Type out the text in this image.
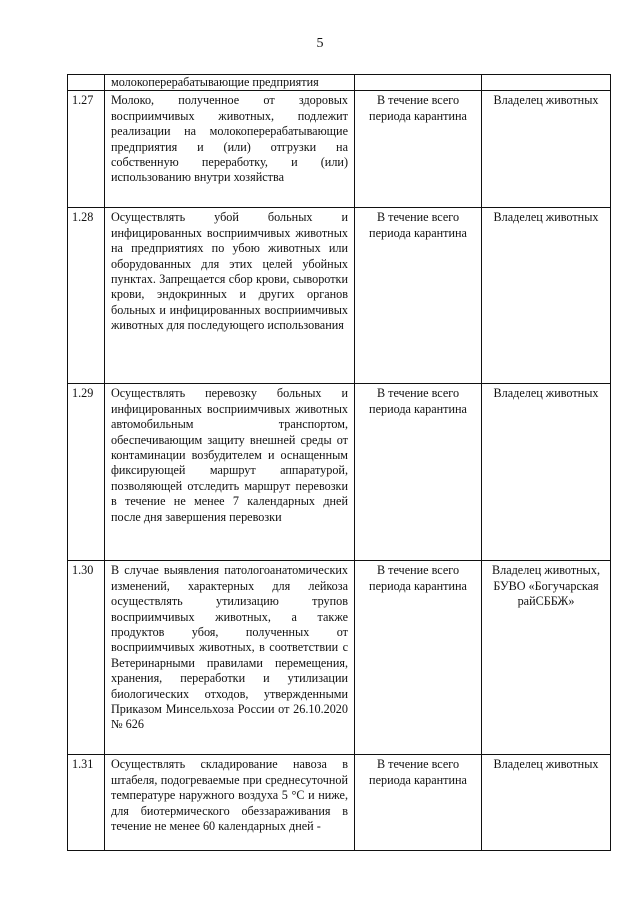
5
	молокоперерабатывающие предприятия		
1.27	Молоко, полученное от здоровых восприимчивых животных, подлежит реализации на молокоперерабатывающие предприятия и (или) отгрузки на собственную переработку, и (или) использованию внутри хозяйства	В течение всего периода карантина	Владелец животных
1.28	Осуществлять убой больных и инфицированных восприимчивых животных на предприятиях по убою животных или оборудованных для этих целей убойных пунктах. Запрещается сбор крови, сыворотки крови, эндокринных и других органов больных и инфицированных восприимчивых животных для последующего использования	В течение всего периода карантина	Владелец животных
1.29	Осуществлять перевозку больных и инфицированных восприимчивых животных автомобильным транспортом, обеспечивающим защиту внешней среды от контаминации возбудителем и оснащенным фиксирующей маршрут аппаратурой, позволяющей отследить маршрут перевозки в течение не менее 7 календарных дней после дня завершения перевозки	В течение всего периода карантина	Владелец животных
1.30	В случае выявления патологоанатомических изменений, характерных для лейкоза осуществлять утилизацию трупов восприимчивых животных, а также продуктов убоя, полученных от восприимчивых животных, в соответствии с Ветеринарными правилами перемещения, хранения, переработки и утилизации биологических отходов, утвержденными Приказом Минсельхоза России от 26.10.2020 № 626	В течение всего периода карантина	Владелец животных, БУВО «Богучарская райСББЖ»
1.31	Осуществлять складирование навоза в штабеля, подогреваемые при среднесуточной температуре наружного воздуха 5 °С и ниже, для биотермического обеззараживания в течение не менее 60 календарных дней -	В течение всего периода карантина	Владелец животных
